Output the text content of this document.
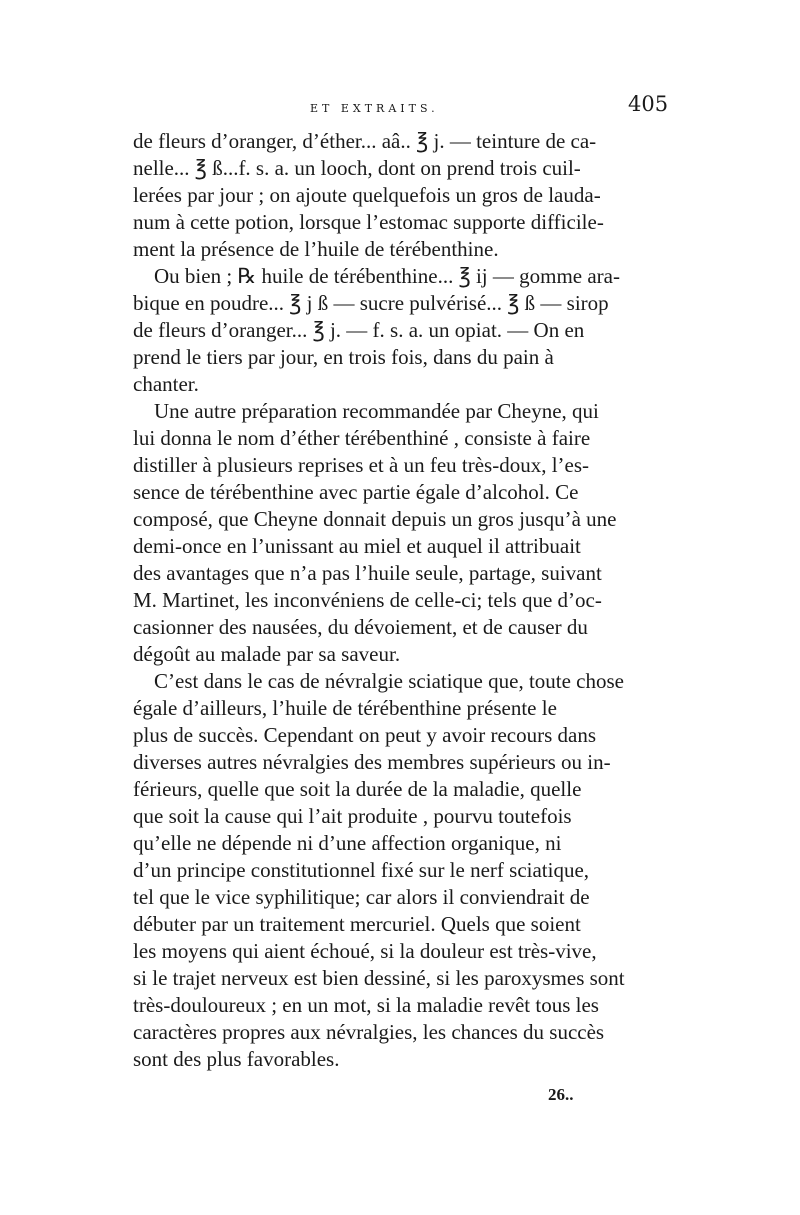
ET EXTRAITS.	405
de fleurs d’oranger, d’éther... aâ.. ℥ j. — teinture de ca-
nelle... ℥ ß...f. s. a. un looch, dont on prend trois cuil-
lerées par jour ; on ajoute quelquefois un gros de lauda-
num à cette potion, lorsque l’estomac supporte difficile-
ment la présence de l’huile de térébenthine.
Ou bien ; ℞ huile de térébenthine... ℥ ij — gomme ara-
bique en poudre... ℥ j ß — sucre pulvérisé... ℥ ß — sirop
de fleurs d’oranger... ℥ j. — f. s. a. un opiat. — On en
prend le tiers par jour, en trois fois, dans du pain à
chanter.
Une autre préparation recommandée par Cheyne, qui
lui donna le nom d’éther térébenthiné , consiste à faire
distiller à plusieurs reprises et à un feu très-doux, l’es-
sence de térébenthine avec partie égale d’alcohol. Ce
composé, que Cheyne donnait depuis un gros jusqu’à une
demi-once en l’unissant au miel et auquel il attribuait
des avantages que n’a pas l’huile seule, partage, suivant
M. Martinet, les inconvéniens de celle-ci; tels que d’oc-
casionner des nausées, du dévoiement, et de causer du
dégoût au malade par sa saveur.
C’est dans le cas de névralgie sciatique que, toute chose
égale d’ailleurs, l’huile de térébenthine présente le
plus de succès. Cependant on peut y avoir recours dans
diverses autres névralgies des membres supérieurs ou in-
férieurs, quelle que soit la durée de la maladie, quelle
que soit la cause qui l’ait produite , pourvu toutefois
qu’elle ne dépende ni d’une affection organique, ni
d’un principe constitutionnel fixé sur le nerf sciatique,
tel que le vice syphilitique; car alors il conviendrait de
débuter par un traitement mercuriel. Quels que soient
les moyens qui aient échoué, si la douleur est très-vive,
si le trajet nerveux est bien dessiné, si les paroxysmes sont
très-douloureux ; en un mot, si la maladie revêt tous les
caractères propres aux névralgies, les chances du succès
sont des plus favorables.
26..
